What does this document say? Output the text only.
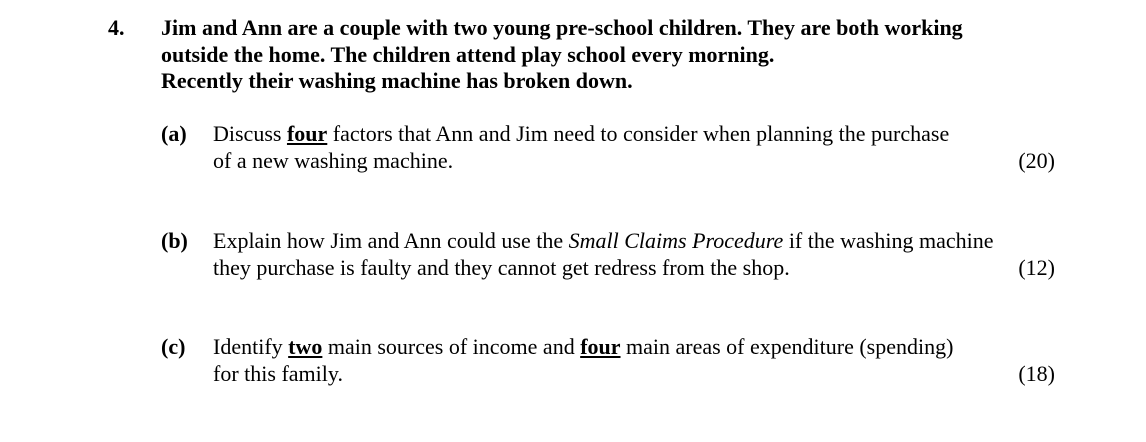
4. Jim and Ann are a couple with two young pre-school children. They are both working
outside the home. The children attend play school every morning.
Recently their washing machine has broken down.
(a) Discuss four factors that Ann and Jim need to consider when planning the purchase
of a new washing machine.	(20)
(b) Explain how Jim and Ann could use the Small Claims Procedure if the washing machine
they purchase is faulty and they cannot get redress from the shop.	(12)
(c) Identify two main sources of income and four main areas of expenditure (spending)
for this family.	(18)
